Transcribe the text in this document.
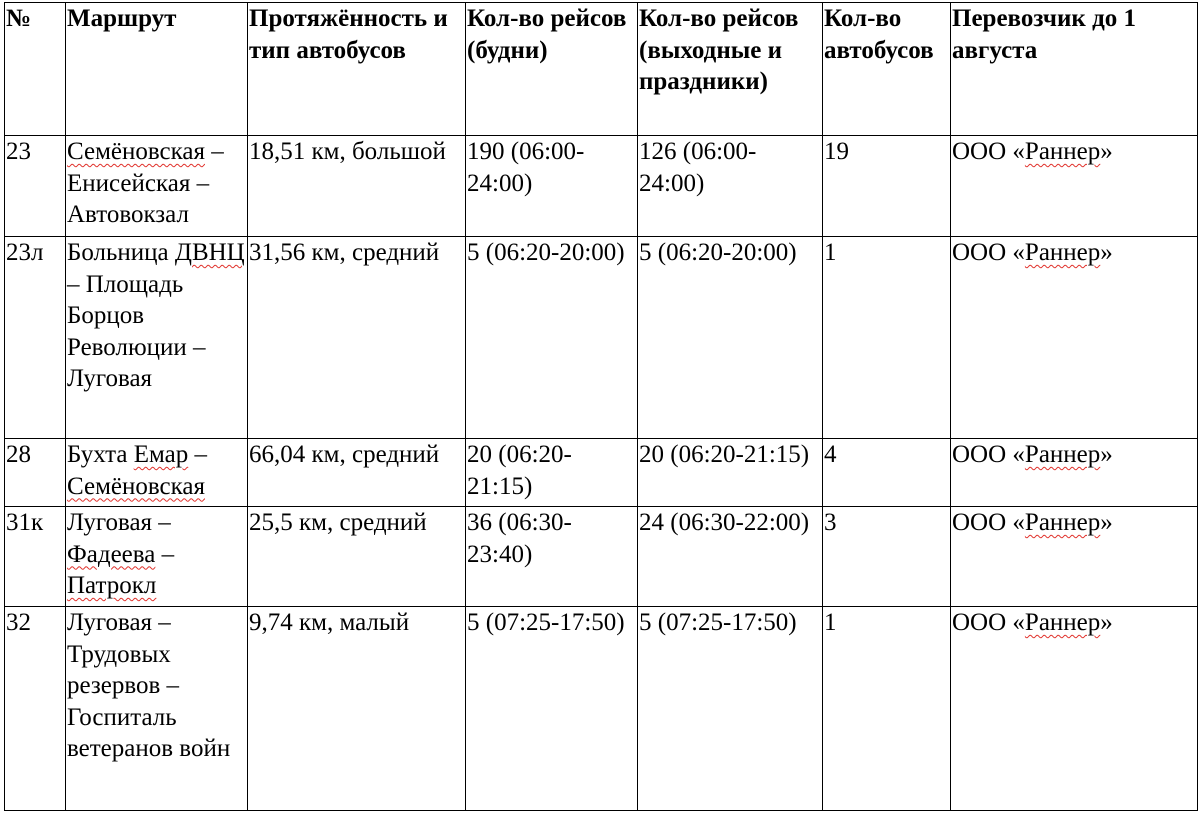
№	Маршрут	Протяжённость и тип автобусов	Кол-во рейсов (будни)	Кол-во рейсов (выходные и праздники)	Кол-во автобусов	Перевозчик до 1 августа
23	Семёновская – Енисейская – Автовокзал	18,51 км, большой	190 (06:00-24:00)	126 (06:00-24:00)	19	ООО «Раннер»
23л	Больница ДВНЦ – Площадь Борцов Революции – Луговая	31,56 км, средний	5 (06:20-20:00)	5 (06:20-20:00)	1	ООО «Раннер»
28	Бухта Емар – Семёновская	66,04 км, средний	20 (06:20-21:15)	20 (06:20-21:15)	4	ООО «Раннер»
31к	Луговая – Фадеева – Патрокл	25,5 км, средний	36 (06:30-23:40)	24 (06:30-22:00)	3	ООО «Раннер»
32	Луговая – Трудовых резервов – Госпиталь ветеранов войн	9,74 км, малый	5 (07:25-17:50)	5 (07:25-17:50)	1	ООО «Раннер»
